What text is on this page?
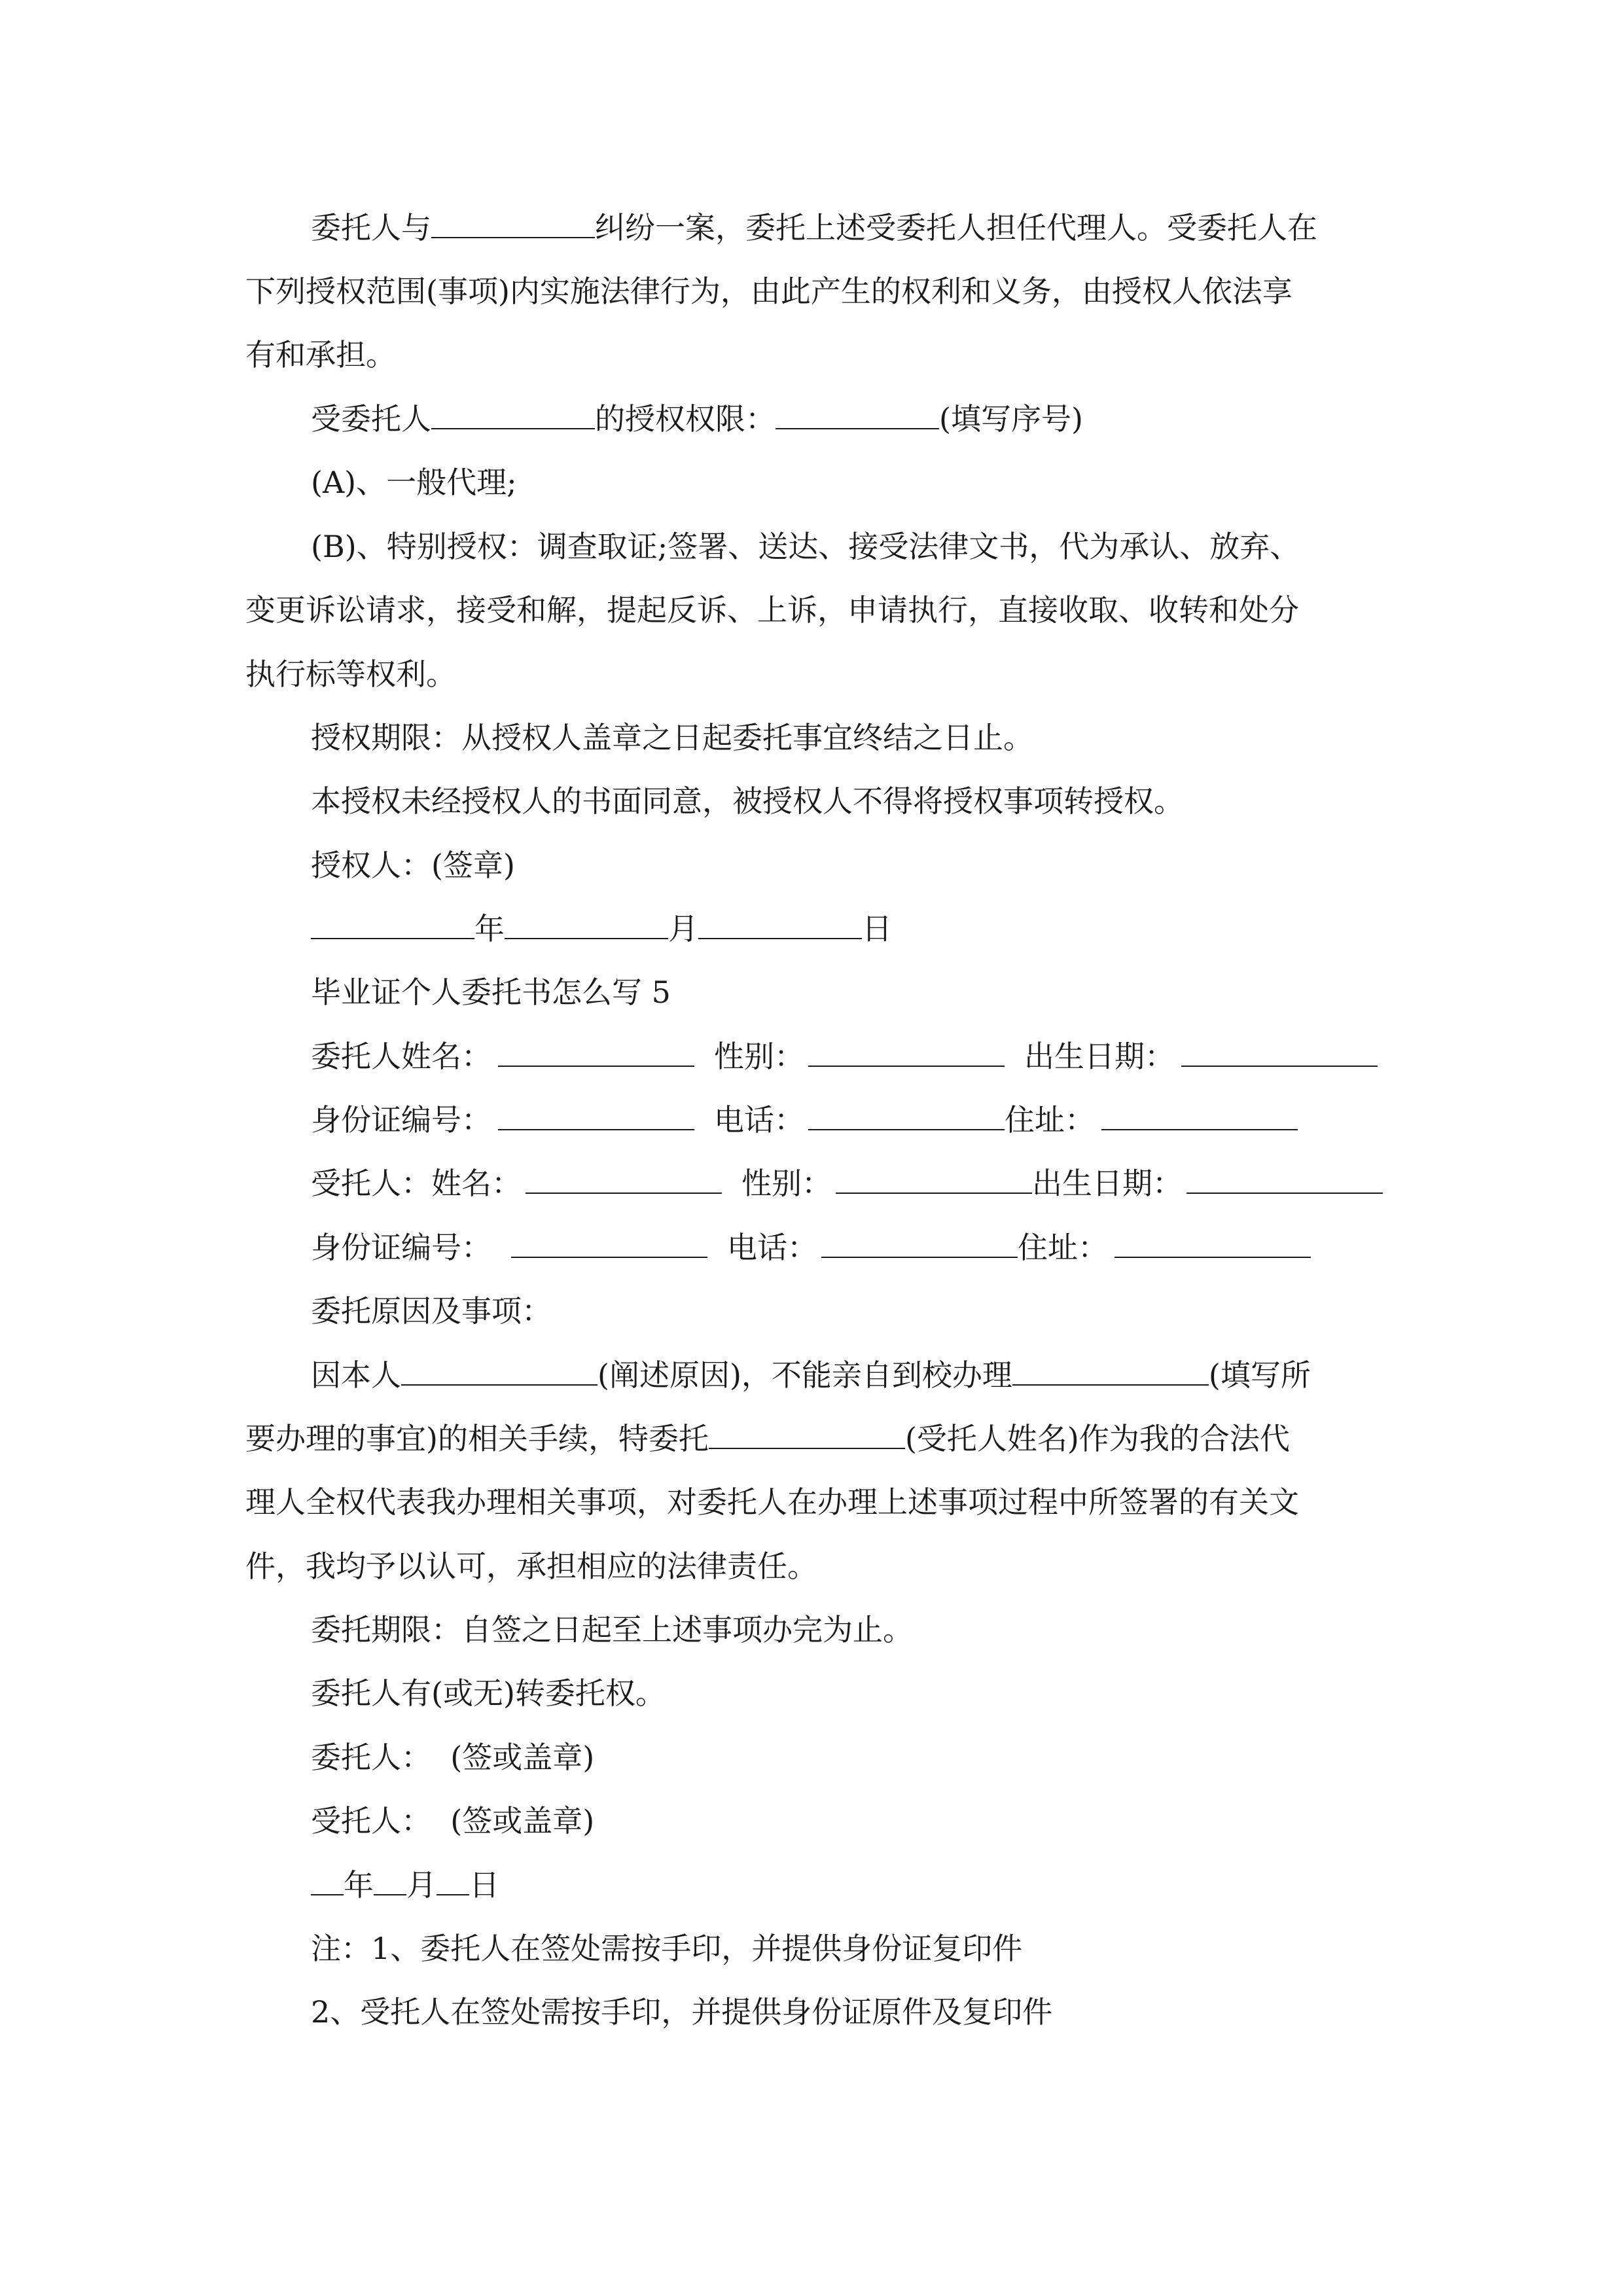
委托人与	纠纷一案，委托上述受委托人担任代理人。受委托人在
下列授权范围(事项)内实施法律行为，由此产生的权利和义务，由授权人依法享
有和承担。
受委托人	的授权权限：	(填写序号)
(A)、一般代理;
(B)、特别授权：调查取证;签署、送达、接受法律文书，代为承认、放弃、
变更诉讼请求，接受和解，提起反诉、上诉，申请执行，直接收取、收转和处分
执行标等权利。
授权期限：从授权人盖章之日起委托事宜终结之日止。
本授权未经授权人的书面同意，被授权人不得将授权事项转授权。
授权人：(签章)
年	月	日
毕业证个人委托书怎么写 5
委托人姓名：	性别：	出生日期：
身份证编号：	电话：	住址：
受托人：姓名：	性别：	出生日期：
身份证编号：	电话：	住址：
委托原因及事项：
因本人	(阐述原因)，不能亲自到校办理	(填写所
要办理的事宜)的相关手续，特委托	(受托人姓名)作为我的合法代
理人全权代表我办理相关事项，对委托人在办理上述事项过程中所签署的有关文
件，我均予以认可，承担相应的法律责任。
委托期限：自签之日起至上述事项办完为止。
委托人有(或无)转委托权。
委托人：  (签或盖章)
受托人：  (签或盖章)
年 月 日
注：1、委托人在签处需按手印，并提供身份证复印件
2、受托人在签处需按手印，并提供身份证原件及复印件
